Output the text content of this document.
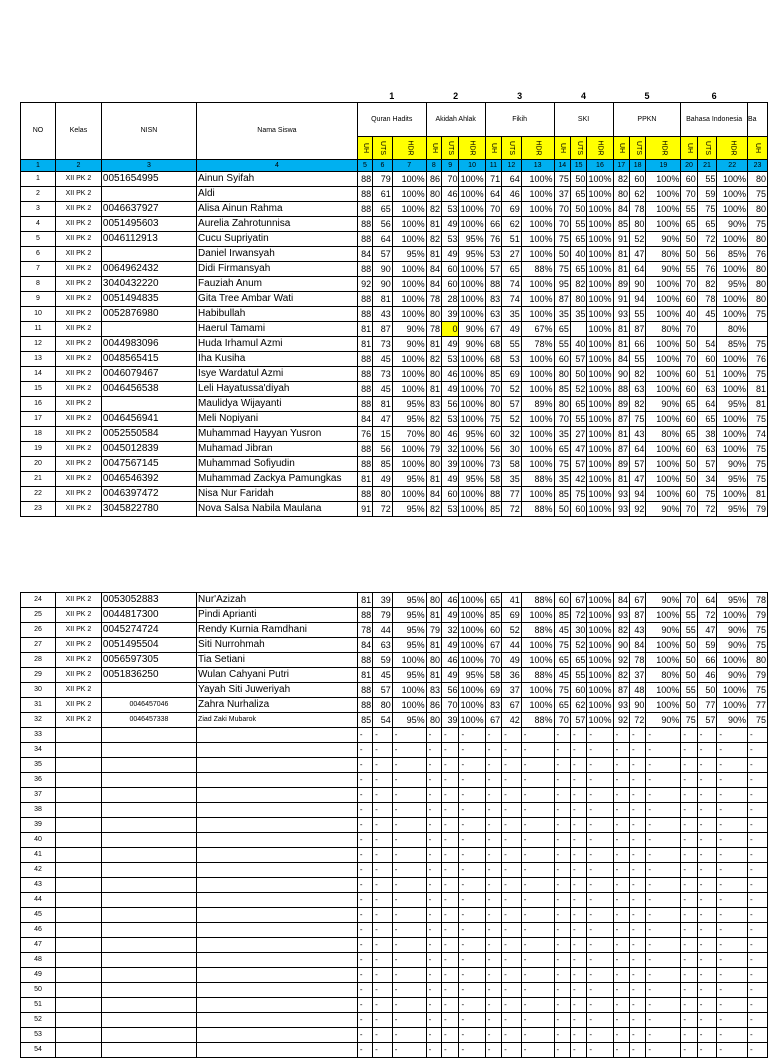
				1			2			3			4			5			6			
NO	Kelas	NISN	Nama Siswa	Quran Hadits			Akidah Ahlak			Fikih			SKI			PPKN			Bahasa Indonesia			Ba
				UH	UTS	HDR	UH	UTS	HDR	UH	UTS	HDR	UH	UTS	HDR	UH	UTS	HDR	UH	UTS	HDR	UH
1	2	3	4	5	6	7	8	9	10	11	12	13	14	15	16	17	18	19	20	21	22	23
1	XII PK 2	0051654995	Ainun Syifah	88	79	100%	86	70	100%	71	64	100%	75	50	100%	82	60	100%	60	55	100%	80
2	XII PK 2		Aldi	88	61	100%	80	46	100%	64	46	100%	37	65	100%	80	62	100%	70	59	100%	75
3	XII PK 2	0046637927	Alisa Ainun Rahma	88	65	100%	82	53	100%	70	69	100%	70	50	100%	84	78	100%	55	75	100%	80
4	XII PK 2	0051495603	Aurelia Zahrotunnisa	88	56	100%	81	49	100%	66	62	100%	70	55	100%	85	80	100%	65	65	90%	75
5	XII PK 2	0046112913	Cucu Supriyatin	88	64	100%	82	53	95%	76	51	100%	75	65	100%	91	52	90%	50	72	100%	80
6	XII PK 2		Daniel Irwansyah	84	57	95%	81	49	95%	53	27	100%	50	40	100%	81	47	80%	50	56	85%	76
7	XII PK 2	0064962432	Didi Firmansyah	88	90	100%	84	60	100%	57	65	88%	75	65	100%	81	64	90%	55	76	100%	80
8	XII PK 2	3040432220	Fauziah Anum	92	90	100%	84	60	100%	88	74	100%	95	82	100%	89	90	100%	70	82	95%	80
9	XII PK 2	0051494835	Gita Tree Ambar Wati	88	81	100%	78	28	100%	83	74	100%	87	80	100%	91	94	100%	60	78	100%	80
10	XII PK 2	0052876980	Habibullah	88	43	100%	80	39	100%	63	35	100%	35	35	100%	93	55	100%	40	45	100%	75
11	XII PK 2		Haerul Tamami	81	87	90%	78	0	90%	67	49	67%	65		100%	81	87	80%	70		80%	
12	XII PK 2	0044983096	Huda Irhamul Azmi	81	73	90%	81	49	90%	68	55	78%	55	40	100%	81	66	100%	50	54	85%	75
13	XII PK 2	0048565415	Iha Kusiha	88	45	100%	82	53	100%	68	53	100%	60	57	100%	84	55	100%	70	60	100%	76
14	XII PK 2	0046079467	Isye Wardatul Azmi	88	73	100%	80	46	100%	85	69	100%	80	50	100%	90	82	100%	60	51	100%	75
15	XII PK 2	0046456538	Leli Hayatussa'diyah	88	45	100%	81	49	100%	70	52	100%	85	52	100%	88	63	100%	60	63	100%	81
16	XII PK 2		Maulidya Wijayanti	88	81	95%	83	56	100%	80	57	89%	80	65	100%	89	82	90%	65	64	95%	81
17	XII PK 2	0046456941	Meli Nopiyani	84	47	95%	82	53	100%	75	52	100%	70	55	100%	87	75	100%	60	65	100%	75
18	XII PK 2	0052550584	Muhammad Hayyan Yusron	76	15	70%	80	46	95%	60	32	100%	35	27	100%	81	43	80%	65	38	100%	74
19	XII PK 2	0045012839	Muhamad Jibran	88	56	100%	79	32	100%	56	30	100%	65	47	100%	87	64	100%	60	63	100%	75
20	XII PK 2	0047567145	Muhammad Sofiyudin	88	85	100%	80	39	100%	73	58	100%	75	57	100%	89	57	100%	50	57	90%	75
21	XII PK 2	0046546392	Muhammad Zackya Pamungkas	81	49	95%	81	49	95%	58	35	88%	35	42	100%	81	47	100%	50	34	95%	75
22	XII PK 2	0046397472	Nisa Nur Faridah	88	80	100%	84	60	100%	88	77	100%	85	75	100%	93	94	100%	60	75	100%	81
23	XII PK 2	3045822780	Nova Salsa Nabila Maulana	91	72	95%	82	53	100%	85	72	88%	50	60	100%	93	92	90%	70	72	95%	79
24	XII PK 2	0053052883	Nur'Azizah	81	39	95%	80	46	100%	65	41	88%	60	67	100%	84	67	90%	70	64	95%	78
25	XII PK 2	0044817300	Pindi Aprianti	88	79	95%	81	49	100%	85	69	100%	85	72	100%	93	87	100%	55	72	100%	79
26	XII PK 2	0045274724	Rendy Kurnia Ramdhani	78	44	95%	79	32	100%	60	52	88%	45	30	100%	82	43	90%	55	47	90%	75
27	XII PK 2	0051495504	Siti Nurrohmah	84	63	95%	81	49	100%	67	44	100%	75	52	100%	90	84	100%	50	59	90%	75
28	XII PK 2	0056597305	Tia Setiani	88	59	100%	80	46	100%	70	49	100%	65	65	100%	92	78	100%	50	66	100%	80
29	XII PK 2	0051836250	Wulan Cahyani Putri	81	45	95%	81	49	95%	58	36	88%	45	55	100%	82	37	80%	50	46	90%	79
30	XII PK 2		Yayah Siti Juweriyah	88	57	100%	83	56	100%	69	37	100%	75	60	100%	87	48	100%	55	50	100%	75
31	XII PK 2	0046457046	Zahra Nurhaliza	88	80	100%	86	70	100%	83	67	100%	65	62	100%	93	90	100%	50	77	100%	77
32	XII PK 2	0046457338	Ziad Zaki Mubarok	85	54	95%	80	39	100%	67	42	88%	70	57	100%	92	72	90%	75	57	90%	75
33				-	-	-	-	-	-	-	-	-	-	-	-	-	-	-	-	-	-	-
34				-	-	-	-	-	-	-	-	-	-	-	-	-	-	-	-	-	-	-
35				-	-	-	-	-	-	-	-	-	-	-	-	-	-	-	-	-	-	-
36				-	-	-	-	-	-	-	-	-	-	-	-	-	-	-	-	-	-	-
37				-	-	-	-	-	-	-	-	-	-	-	-	-	-	-	-	-	-	-
38				-	-	-	-	-	-	-	-	-	-	-	-	-	-	-	-	-	-	-
39				-	-	-	-	-	-	-	-	-	-	-	-	-	-	-	-	-	-	-
40				-	-	-	-	-	-	-	-	-	-	-	-	-	-	-	-	-	-	-
41				-	-	-	-	-	-	-	-	-	-	-	-	-	-	-	-	-	-	-
42				-	-	-	-	-	-	-	-	-	-	-	-	-	-	-	-	-	-	-
43				-	-	-	-	-	-	-	-	-	-	-	-	-	-	-	-	-	-	-
44				-	-	-	-	-	-	-	-	-	-	-	-	-	-	-	-	-	-	-
45				-	-	-	-	-	-	-	-	-	-	-	-	-	-	-	-	-	-	-
46				-	-	-	-	-	-	-	-	-	-	-	-	-	-	-	-	-	-	-
47				-	-	-	-	-	-	-	-	-	-	-	-	-	-	-	-	-	-	-
48				-	-	-	-	-	-	-	-	-	-	-	-	-	-	-	-	-	-	-
49				-	-	-	-	-	-	-	-	-	-	-	-	-	-	-	-	-	-	-
50				-	-	-	-	-	-	-	-	-	-	-	-	-	-	-	-	-	-	-
51				-	-	-	-	-	-	-	-	-	-	-	-	-	-	-	-	-	-	-
52				-	-	-	-	-	-	-	-	-	-	-	-	-	-	-	-	-	-	-
53				-	-	-	-	-	-	-	-	-	-	-	-	-	-	-	-	-	-	-
54				-	-	-	-	-	-	-	-	-	-	-	-	-	-	-	-	-	-	-
